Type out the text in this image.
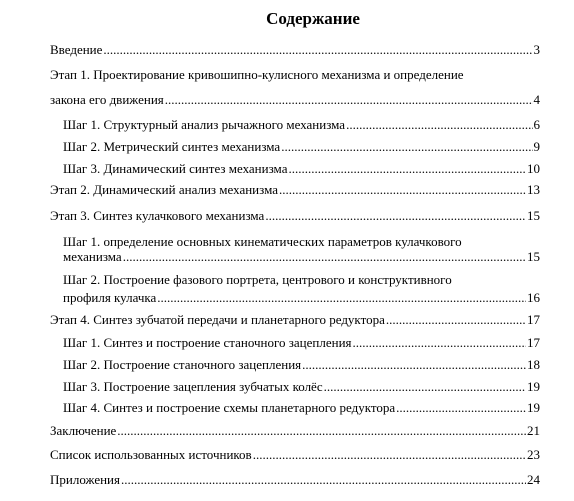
Содержание
Введение .....	3
Этап 1. Проектирование кривошипно-кулисного механизма и определение
закона его движения .....	4
Шаг 1. Структурный анализ рычажного механизма .....	6
Шаг 2. Метрический синтез механизма .....	9
Шаг 3. Динамический синтез механизма .....	10
Этап 2. Динамический анализ механизма .....	13
Этап 3. Синтез кулачкового механизма .....	15
Шаг 1. определение основных кинематических параметров кулачкового
механизма .....	15
Шаг 2. Построение фазового портрета, центрового и конструктивного
профиля кулачка .....	16
Этап 4. Синтез зубчатой передачи и планетарного редуктора .....	17
Шаг 1. Синтез и построение станочного зацепления .....	17
Шаг 2. Построение станочного зацепления .....	18
Шаг 3. Построение зацепления зубчатых колёс .....	19
Шаг 4. Синтез и построение схемы планетарного редуктора .....	19
Заключение .....	21
Список использованных источников .....	23
Приложения .....	24
